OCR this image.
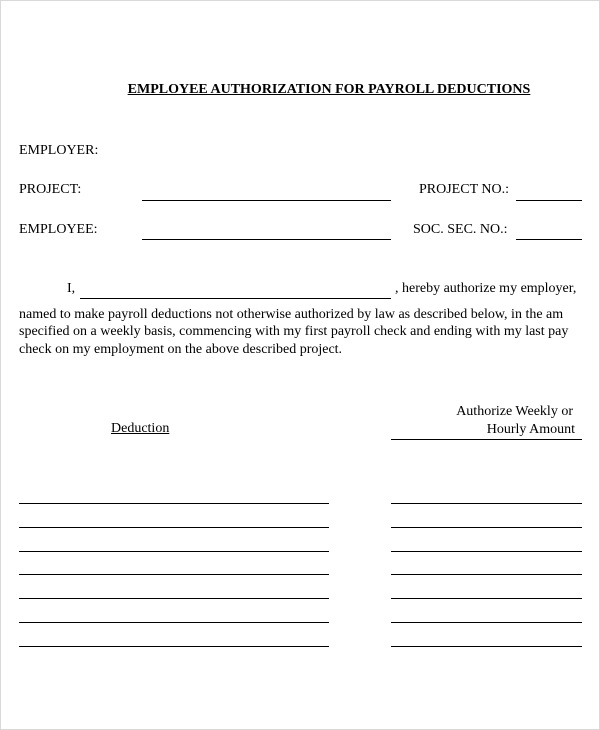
EMPLOYEE AUTHORIZATION FOR PAYROLL DEDUCTIONS
EMPLOYER:
PROJECT:	PROJECT NO.:
EMPLOYEE:	SOC. SEC. NO.:
I,	, hereby authorize my employer,
named to make payroll deductions not otherwise authorized by law as described below, in the am
specified on a weekly basis, commencing with my first payroll check and ending with my last pay
check on my employment on the above described project.
Deduction
Authorize Weekly or
Hourly Amount
